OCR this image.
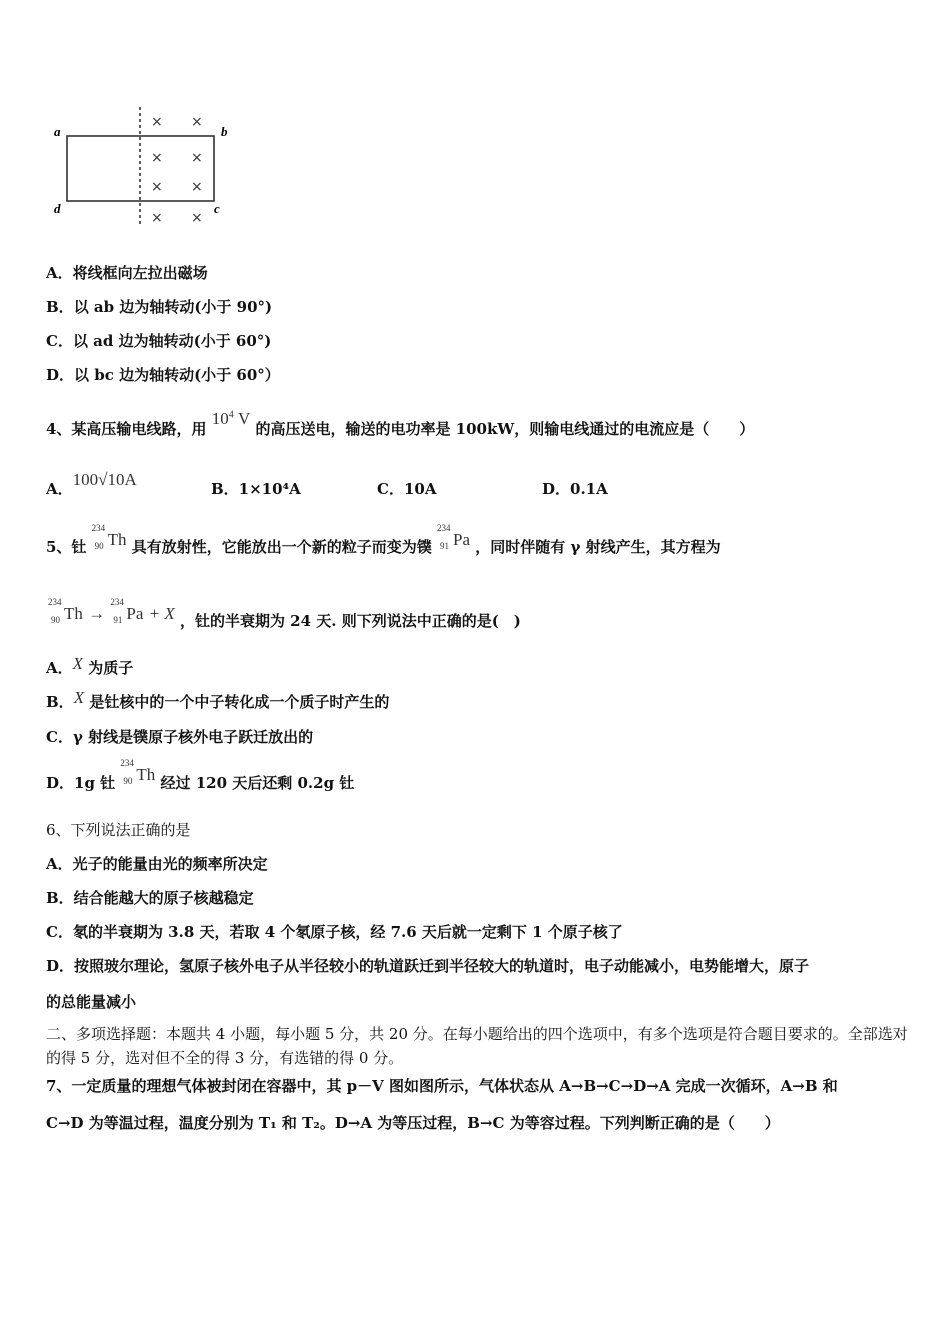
a	b
c
d
× ×
× ×
× ×
× ×
A．将线框向左拉出磁场
B．以 ab 边为轴转动(小于 90°)
C．以 ad 边为轴转动(小于 60°)
D．以 bc 边为轴转动(小于 60°）
4、某高压输电线路，用 $10^4$ V 的高压送电，输送的电功率是 100kW，则输电线通过的电流应是（　　）
A．100√10A	B．1×10⁴A	C．10A	D．0.1A
5、钍
234
90 Th 具有放射性，它能放出一个新的粒子而变为镤
234
91 Pa ，同时伴随有 γ 射线产生，其方程为
234
90 Th →
234
91 Pa + X ，钍的半衰期为 24 天. 则下列说法中正确的是(　)
A．X 为质子
B．X 是钍核中的一个中子转化成一个质子时产生的
C．γ 射线是镤原子核外电子跃迁放出的
D．1g 钍
234
90 Th 经过 120 天后还剩 0.2g 钍
6、下列说法正确的是
A．光子的能量由光的频率所决定
B．结合能越大的原子核越稳定
C．氡的半衰期为 3.8 天，若取 4 个氡原子核，经 7.6 天后就一定剩下 1 个原子核了
D．按照玻尔理论，氢原子核外电子从半径较小的轨道跃迁到半径较大的轨道时，电子动能减小，电势能增大，原子
的总能量减小
二、多项选择题：本题共 4 小题，每小题 5 分，共 20 分。在每小题给出的四个选项中，有多个选项是符合题目要求的。全部选对的得 5 分，选对但不全的得 3 分，有选错的得 0 分。
7、一定质量的理想气体被封闭在容器中，其 p－V 图如图所示，气体状态从 A→B→C→D→A 完成一次循环，A→B 和
C→D 为等温过程，温度分别为 T₁ 和 T₂。D→A 为等压过程，B→C 为等容过程。下列判断正确的是（　　）
